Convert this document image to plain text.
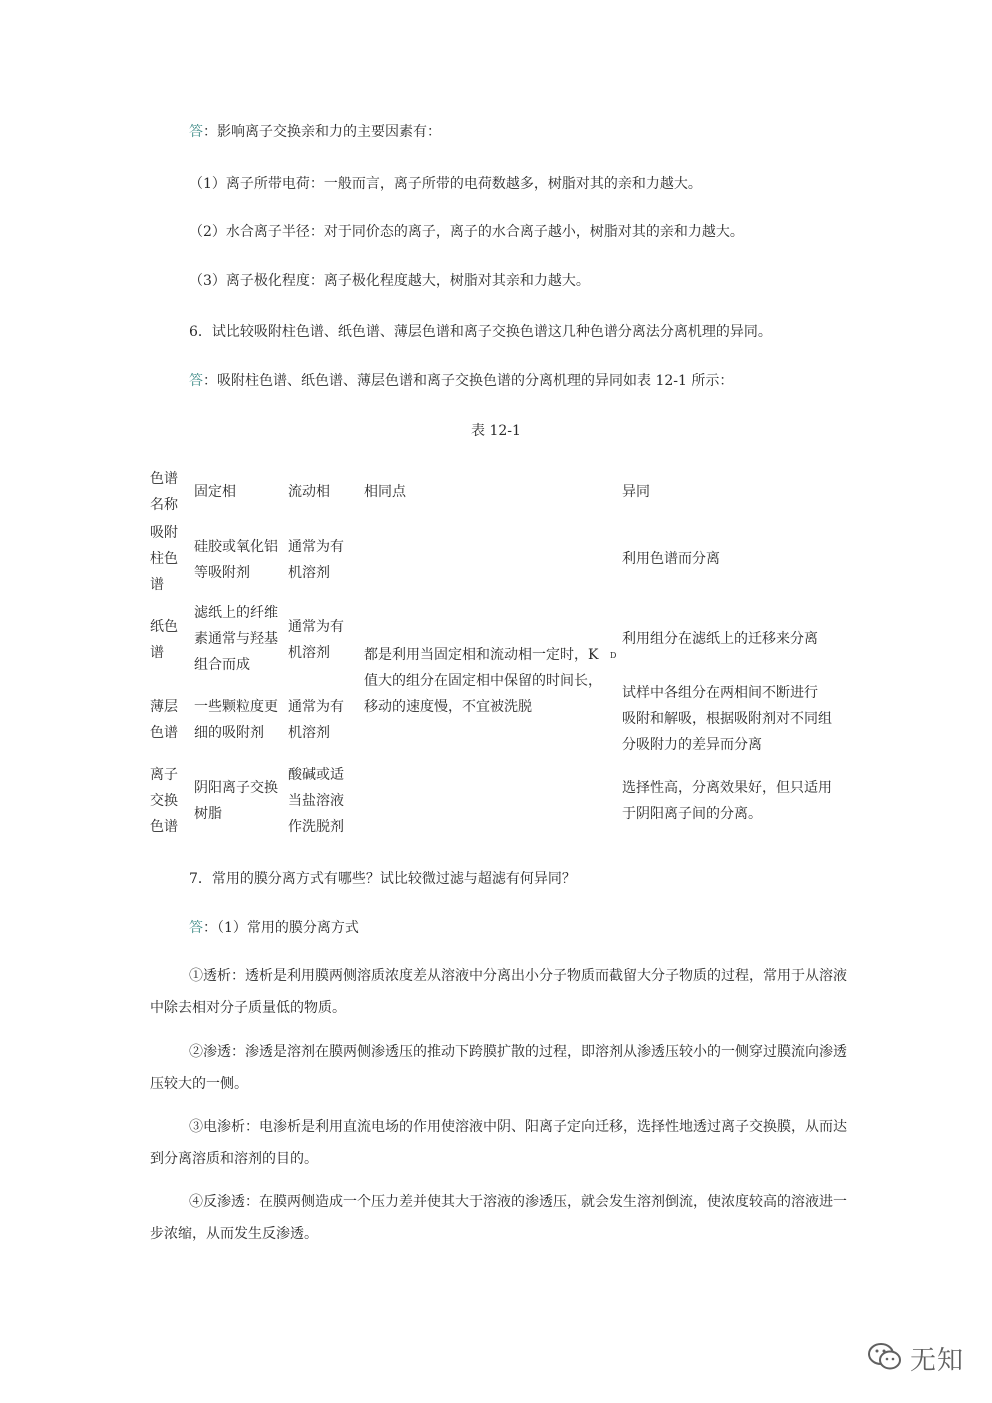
答：影响离子交换亲和力的主要因素有：

（1）离子所带电荷：一般而言，离子所带的电荷数越多，树脂对其的亲和力越大。

（2）水合离子半径：对于同价态的离子，离子的水合离子越小，树脂对其的亲和力越大。

（3）离子极化程度：离子极化程度越大，树脂对其亲和力越大。

6．试比较吸附柱色谱、纸色谱、薄层色谱和离子交换色谱这几种色谱分离法分离机理的异同。

答：吸附柱色谱、纸色谱、薄层色谱和离子交换色谱的分离机理的异同如表 12-1 所示：

表 12-1
色谱
名称
固定相	流动相 相同点	异同
吸附
柱色
谱
硅胶或氧化铝
等吸附剂
通常为有
机溶剂
利用色谱而分离
纸色
谱
滤纸上的纤维
素通常与羟基
组合而成
通常为有
机溶剂
利用组分在滤纸上的迁移来分离
都是利用当固定相和流动相一定时，K
值大的组分在固定相中保留的时间长，
移动的速度慢，不宜被洗脱
D
薄层
色谱
一些颗粒度更
细的吸附剂
通常为有
机溶剂
试样中各组分在两相间不断进行
吸附和解吸，根据吸附剂对不同组
分吸附力的差异而分离
离子
交换
色谱
阴阳离子交换
树脂
酸碱或适
当盐溶液
作洗脱剂
选择性高，分离效果好，但只适用
于阴阳离子间的分离。

7．常用的膜分离方式有哪些？试比较微过滤与超滤有何异同？

答：（1）常用的膜分离方式

①透析：透析是利用膜两侧溶质浓度差从溶液中分离出小分子物质而截留大分子物质的过程，常用于从溶液中除去相对分子质量低的物质。

②渗透：渗透是溶剂在膜两侧渗透压的推动下跨膜扩散的过程，即溶剂从渗透压较小的一侧穿过膜流向渗透压较大的一侧。

③电渗析：电渗析是利用直流电场的作用使溶液中阴、阳离子定向迁移，选择性地透过离子交换膜，从而达到分离溶质和溶剂的目的。

④反渗透：在膜两侧造成一个压力差并使其大于溶液的渗透压，就会发生溶剂倒流，使浓度较高的溶液进一步浓缩，从而发生反渗透。

无知
